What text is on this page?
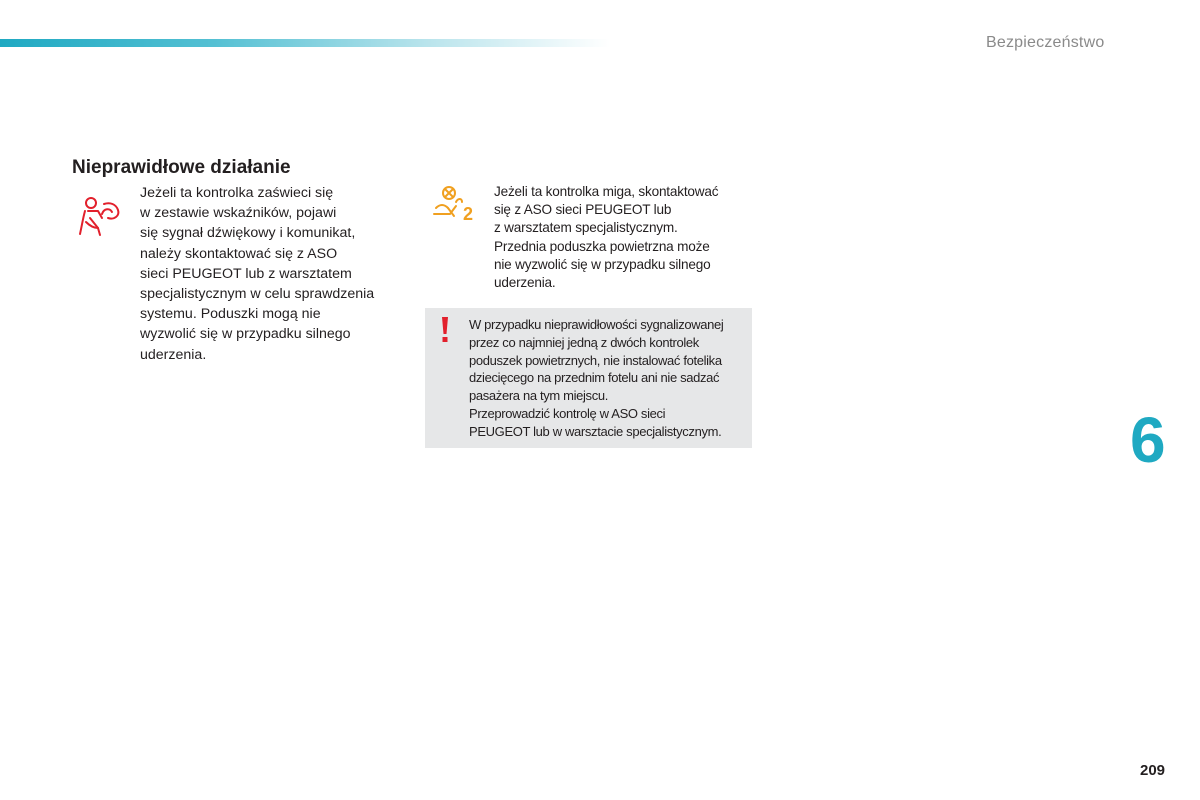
Bezpieczeństwo
Nieprawidłowe działanie
Jeżeli ta kontrolka zaświeci się
w zestawie wskaźników, pojawi
się sygnał dźwiękowy i komunikat,
należy skontaktować się z ASO
sieci PEUGEOT lub z warsztatem
specjalistycznym w celu sprawdzenia
systemu. Poduszki mogą nie
wyzwolić się w przypadku silnego
uderzenia.
2
Jeżeli ta kontrolka miga, skontaktować
się z ASO sieci PEUGEOT lub
z warsztatem specjalistycznym.
Przednia poduszka powietrzna może
nie wyzwolić się w przypadku silnego
uderzenia.
W przypadku nieprawidłowości sygnalizowanej
przez co najmniej jedną z dwóch kontrolek
poduszek powietrznych, nie instalować fotelika
dziecięcego na przednim fotelu ani nie sadzać
pasażera na tym miejscu.
Przeprowadzić kontrolę w ASO sieci
PEUGEOT lub w warsztacie specjalistycznym.	6
209
